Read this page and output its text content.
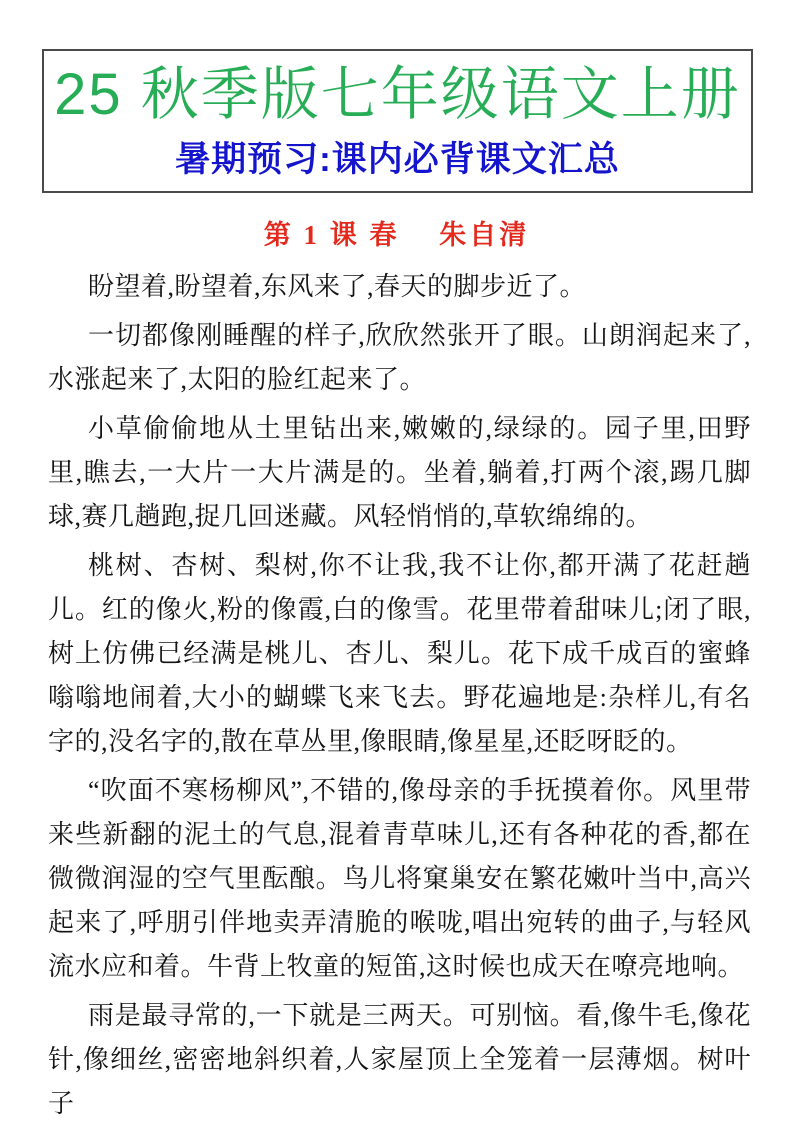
25 秋季版七年级语文上册
暑期预习:课内必背课文汇总
第 1 课 春 朱自清

盼望着,盼望着,东风来了,春天的脚步近了。

一切都像刚睡醒的样子,欣欣然张开了眼。山朗润起来了,水涨起来了,太阳的脸红起来了。

小草偷偷地从土里钻出来,嫩嫩的,绿绿的。园子里,田野里,瞧去,一大片一大片满是的。坐着,躺着,打两个滚,踢几脚球,赛几趟跑,捉几回迷藏。风轻悄悄的,草软绵绵的。

桃树、杏树、梨树,你不让我,我不让你,都开满了花赶趟儿。红的像火,粉的像霞,白的像雪。花里带着甜味儿;闭了眼,树上仿佛已经满是桃儿、杏儿、梨儿。花下成千成百的蜜蜂嗡嗡地闹着,大小的蝴蝶飞来飞去。野花遍地是:杂样儿,有名字的,没名字的,散在草丛里,像眼睛,像星星,还眨呀眨的。

“吹面不寒杨柳风”,不错的,像母亲的手抚摸着你。风里带来些新翻的泥土的气息,混着青草味儿,还有各种花的香,都在微微润湿的空气里酝酿。鸟儿将窠巢安在繁花嫩叶当中,高兴起来了,呼朋引伴地卖弄清脆的喉咙,唱出宛转的曲子,与轻风流水应和着。牛背上牧童的短笛,这时候也成天在嘹亮地响。

雨是最寻常的,一下就是三两天。可别恼。看,像牛毛,像花针,像细丝,密密地斜织着,人家屋顶上全笼着一层薄烟。树叶子
